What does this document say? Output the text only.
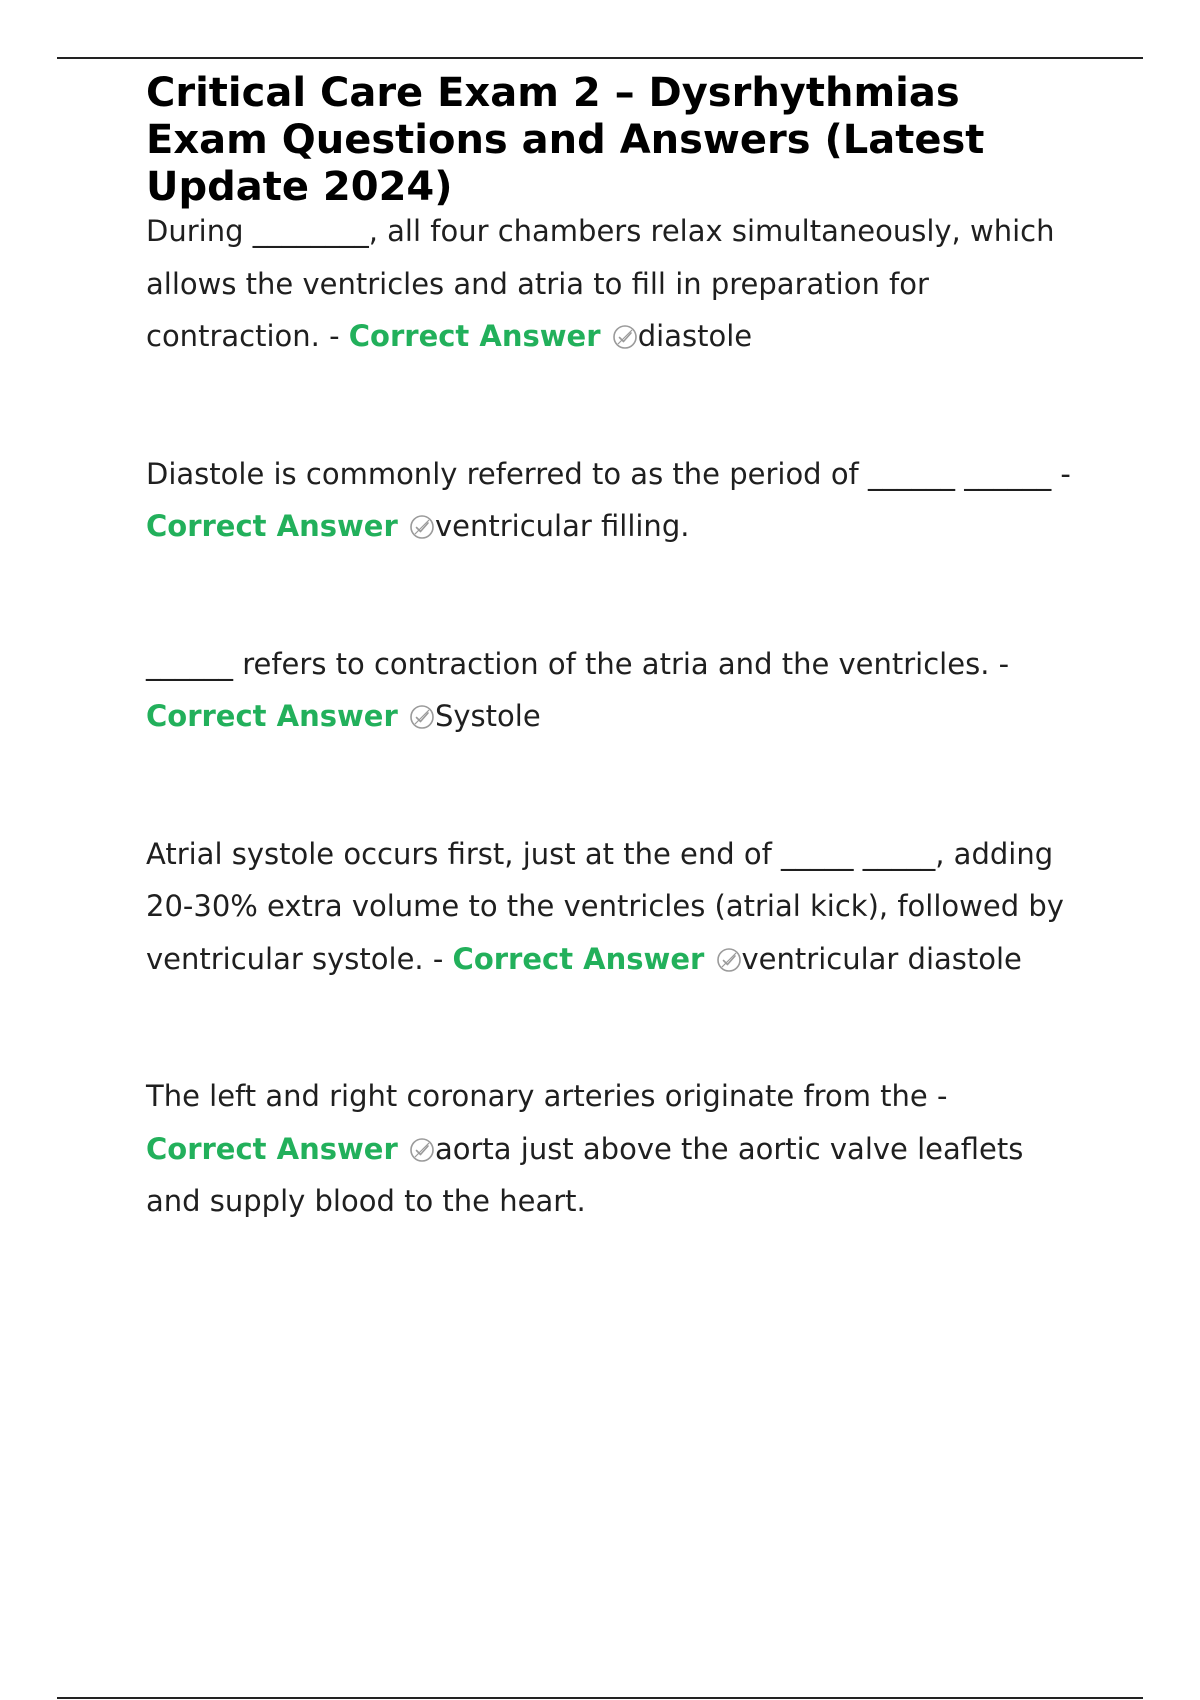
Critical Care Exam 2 – Dysrhythmias Exam Questions and Answers (Latest Update 2024)

During ________, all four chambers relax simultaneously, which allows the ventricles and atria to fill in preparation for contraction. - Correct Answer diastole

Diastole is commonly referred to as the period of ______ ______ - Correct Answer ventricular filling.

______ refers to contraction of the atria and the ventricles. - Correct Answer Systole

Atrial systole occurs first, just at the end of _____ _____, adding 20-30% extra volume to the ventricles (atrial kick), followed by ventricular systole. - Correct Answer ventricular diastole

The left and right coronary arteries originate from the - Correct Answer aorta just above the aortic valve leaflets and supply blood to the heart.
